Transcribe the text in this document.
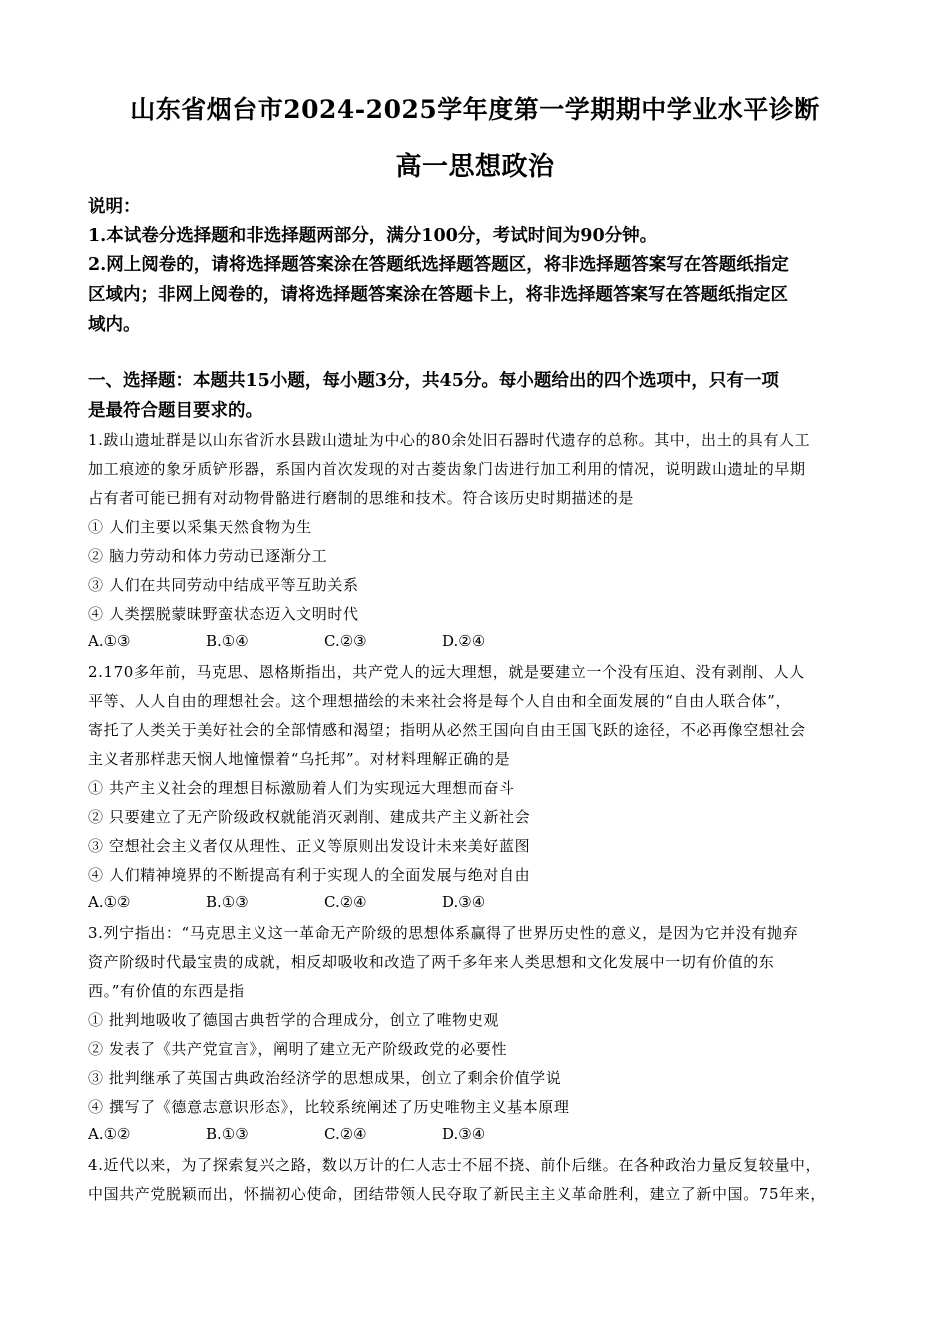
山东省烟台市2024-2025学年度第一学期期中学业水平诊断
高一思想政治
说明：
1.本试卷分选择题和非选择题两部分，满分100分，考试时间为90分钟。
2.网上阅卷的，请将选择题答案涂在答题纸选择题答题区，将非选择题答案写在答题纸指定
区域内；非网上阅卷的，请将选择题答案涂在答题卡上，将非选择题答案写在答题纸指定区
域内。
一、选择题：本题共15小题，每小题3分，共45分。每小题给出的四个选项中，只有一项
是最符合题目要求的。
1.跋山遗址群是以山东省沂水县跋山遗址为中心的80余处旧石器时代遗存的总称。其中，出土的具有人工
加工痕迹的象牙质铲形器，系国内首次发现的对古菱齿象门齿进行加工利用的情况，说明跋山遗址的早期
占有者可能已拥有对动物骨骼进行磨制的思维和技术。符合该历史时期描述的是
① 人们主要以采集天然食物为生
② 脑力劳动和体力劳动已逐渐分工
③ 人们在共同劳动中结成平等互助关系
④ 人类摆脱蒙昧野蛮状态迈入文明时代
A.①③	B.①④	C.②③	D.②④
2.170多年前，马克思、恩格斯指出，共产党人的远大理想，就是要建立一个没有压迫、没有剥削、人人
平等、人人自由的理想社会。这个理想描绘的未来社会将是每个人自由和全面发展的“自由人联合体”，
寄托了人类关于美好社会的全部情感和渴望；指明从必然王国向自由王国飞跃的途径，不必再像空想社会
主义者那样悲天悯人地憧憬着“乌托邦”。对材料理解正确的是
① 共产主义社会的理想目标激励着人们为实现远大理想而奋斗
② 只要建立了无产阶级政权就能消灭剥削、建成共产主义新社会
③ 空想社会主义者仅从理性、正义等原则出发设计未来美好蓝图
④ 人们精神境界的不断提高有利于实现人的全面发展与绝对自由
A.①②	B.①③	C.②④	D.③④
3.列宁指出：“马克思主义这一革命无产阶级的思想体系赢得了世界历史性的意义，是因为它并没有抛弃
资产阶级时代最宝贵的成就，相反却吸收和改造了两千多年来人类思想和文化发展中一切有价值的东
西。”有价值的东西是指
① 批判地吸收了德国古典哲学的合理成分，创立了唯物史观
② 发表了《共产党宣言》，阐明了建立无产阶级政党的必要性
③ 批判继承了英国古典政治经济学的思想成果，创立了剩余价值学说
④ 撰写了《德意志意识形态》，比较系统阐述了历史唯物主义基本原理
A.①②	B.①③	C.②④	D.③④
4.近代以来，为了探索复兴之路，数以万计的仁人志士不屈不挠、前仆后继。在各种政治力量反复较量中，
中国共产党脱颖而出，怀揣初心使命，团结带领人民夺取了新民主主义革命胜利，建立了新中国。75年来，
